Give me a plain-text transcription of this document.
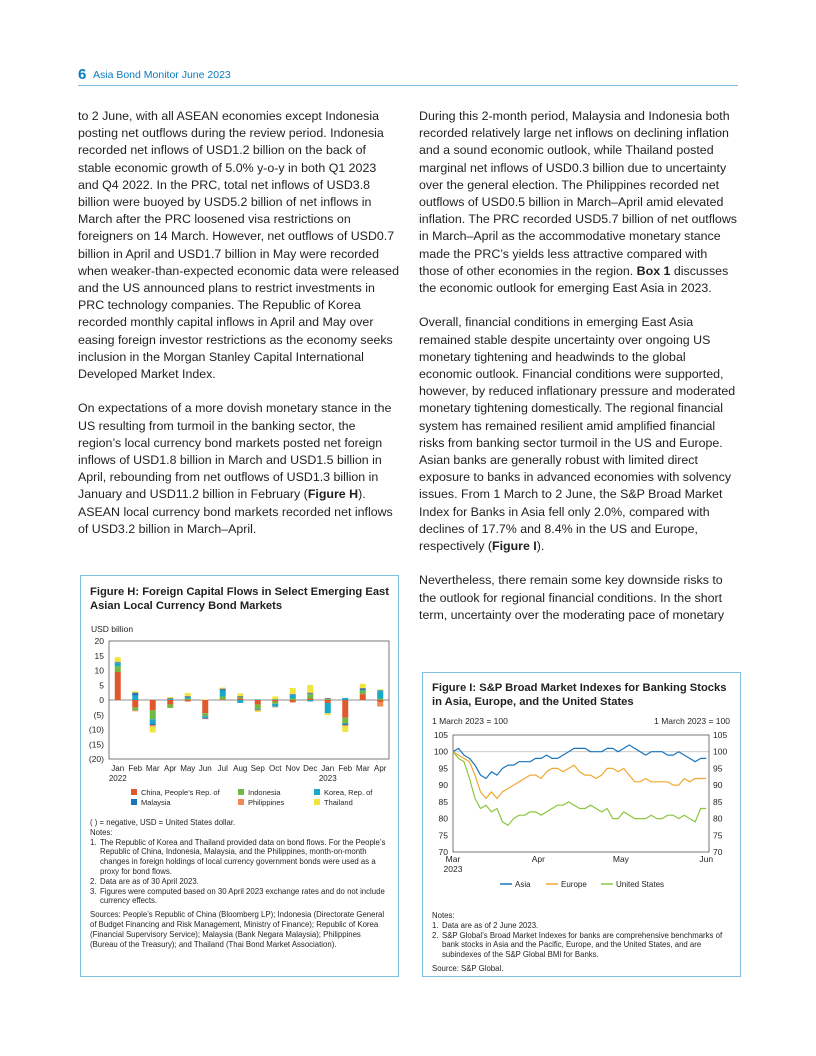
6 Asia Bond Monitor June 2023

to 2 June, with all ASEAN economies except Indonesia posting net outflows during the review period. Indonesia recorded net inflows of USD1.2 billion on the back of stable economic growth of 5.0% y-o-y in both Q1 2023 and Q4 2022. In the PRC, total net inflows of USD3.8 billion were buoyed by USD5.2 billion of net inflows in March after the PRC loosened visa restrictions on foreigners on 14 March. However, net outflows of USD0.7 billion in April and USD1.7 billion in May were recorded when weaker-than-expected economic data were released and the US announced plans to restrict investments in PRC technology companies. The Republic of Korea recorded monthly capital inflows in April and May over easing foreign investor restrictions as the economy seeks inclusion in the Morgan Stanley Capital International Developed Market Index.

On expectations of a more dovish monetary stance in the US resulting from turmoil in the banking sector, the region’s local currency bond markets posted net foreign inflows of USD1.8 billion in March and USD1.5 billion in April, rebounding from net outflows of USD1.3 billion in January and USD11.2 billion in February (Figure H). ASEAN local currency bond markets recorded net inflows of USD3.2 billion in March–April.

During this 2-month period, Malaysia and Indonesia both recorded relatively large net inflows on declining inflation and a sound economic outlook, while Thailand posted marginal net inflows of USD0.3 billion due to uncertainty over the general election. The Philippines recorded net outflows of USD0.5 billion in March–April amid elevated inflation. The PRC recorded USD5.7 billion of net outflows in March–April as the accommodative monetary stance made the PRC’s yields less attractive compared with those of other economies in the region. Box 1 discusses the economic outlook for emerging East Asia in 2023.

Overall, financial conditions in emerging East Asia remained stable despite uncertainty over ongoing US monetary tightening and headwinds to the global economic outlook. Financial conditions were supported, however, by reduced inflationary pressure and moderated monetary tightening domestically. The regional financial system has remained resilient amid amplified financial risks from banking sector turmoil in the US and Europe. Asian banks are generally robust with limited direct exposure to banks in advanced economies with solvency issues. From 1 March to 2 June, the S&P Broad Market Index for Banks in Asia fell only 2.0%, compared with declines of 17.7% and 8.4% in the US and Europe, respectively (Figure I).

Nevertheless, there remain some key downside risks to the outlook for regional financial conditions. In the short term, uncertainty over the moderating pace of monetary

Figure H: Foreign Capital Flows in Select Emerging East Asian Local Currency Bond Markets
USD billion
20
15
10
5
0
(5)
(10)
(15)
(20)
Jan Feb Mar Apr May Jun Jul Aug Sep Oct Nov Dec Jan Feb Mar Apr
2022	2023
China, People’s Rep. of	Indonesia	Korea, Rep. of
Malaysia	Philippines	Thailand
( ) = negative, USD = United States dollar.
Notes:
1. The Republic of Korea and Thailand provided data on bond flows. For the People’s Republic of China, Indonesia, Malaysia, and the Philippines, month-on-month changes in foreign holdings of local currency government bonds were used as a proxy for bond flows.
2. Data are as of 30 April 2023.
3. Figures were computed based on 30 April 2023 exchange rates and do not include currency effects.
Sources: People’s Republic of China (Bloomberg LP); Indonesia (Directorate General of Budget Financing and Risk Management, Ministry of Finance); Republic of Korea (Financial Supervisory Service); Malaysia (Bank Negara Malaysia); Philippines (Bureau of the Treasury); and Thailand (Thai Bond Market Association).
Figure I: S&P Broad Market Indexes for Banking Stocks in Asia, Europe, and the United States
1 March 2023 = 100	1 March 2023 = 100
105	105
100	100
95	95
90	90
85	85
80	80
75	75
70	70
Mar
2023
Apr	May	Jun
Asia	Europe	United States
Notes:
1. Data are as of 2 June 2023.
2. S&P Global’s Broad Market Indexes for banks are comprehensive benchmarks of bank stocks in Asia and the Pacific, Europe, and the United States, and are subindexes of the S&P Global BMI for Banks.
Source: S&P Global.
